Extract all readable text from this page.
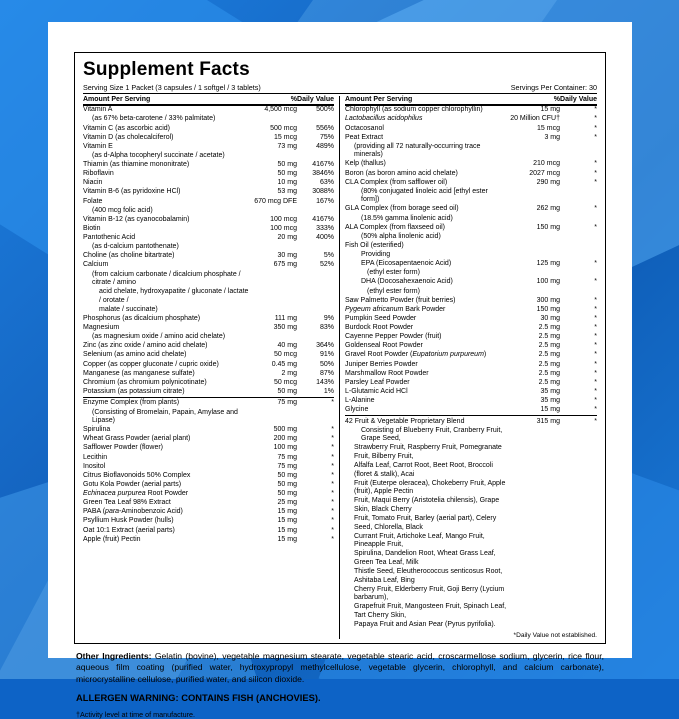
Supplement Facts
Serving Size 1 Packet (3 capsules / 1 softgel / 3 tablets)	Servings Per Container: 30
Amount Per Serving	%Daily Value
Vitamin A	4,500 mcg	500%
(as 67% beta-carotene / 33% palmitate)		
Vitamin C (as ascorbic acid)	500 mcg	556%
Vitamin D (as cholecalciferol)	15 mcg	75%
Vitamin E	73 mg	489%
(as d-Alpha tocopheryl succinate / acetate)		
Thiamin (as thiamine mononitrate)	50 mg	4167%
Riboflavin	50 mg	3846%
Niacin	10 mg	63%
Vitamin B-6 (as pyridoxine HCl)	53 mg	3088%
Folate	670 mcg DFE	167%
(400 mcg folic acid)		
Vitamin B-12 (as cyanocobalamin)	100 mcg	4167%
Biotin	100 mcg	333%
Pantothenic Acid	20 mg	400%
(as d-calcium pantothenate)		
Choline (as choline bitartrate)	30 mg	5%
Calcium	675 mg	52%
(from calcium carbonate / dicalcium phosphate / citrate / amino		
acid chelate, hydroxyapatite / gluconate / lactate / orotate /		
malate / succinate)		
Phosphorus (as dicalcium phosphate)	111 mg	9%
Magnesium	350 mg	83%
(as magnesium oxide / amino acid chelate)		
Zinc (as zinc oxide / amino acid chelate)	40 mg	364%
Selenium (as amino acid chelate)	50 mcg	91%
Copper (as copper gluconate / cupric oxide)	0.45 mg	50%
Manganese (as manganese sulfate)	2 mg	87%
Chromium (as chromium polynicotinate)	50 mcg	143%
Potassium (as potassium citrate)	50 mg	1%

Enzyme Complex (from plants)	75 mg	*
(Consisting of Bromelain, Papain, Amylase and Lipase)		
Spirulina	500 mg	*
Wheat Grass Powder (aerial plant)	200 mg	*
Safflower Powder (flower)	100 mg	*
Lecithin	75 mg	*
Inositol	75 mg	*
Citrus Bioflavonoids 50% Complex	50 mg	*
Gotu Kola Powder (aerial parts)	50 mg	*
Echinacea purpurea Root Powder	50 mg	*
Green Tea Leaf 98% Extract	25 mg	*
PABA (para-Aminobenzoic Acid)	15 mg	*
Psyllium Husk Powder (hulls)	15 mg	*
Oat 10:1 Extract (aerial parts)	15 mg	*
Apple (fruit) Pectin	15 mg	*
Amount Per Serving	%Daily Value
Chlorophyll (as sodium copper chlorophyllin)	15 mg	*
Lactobacillus acidophilus	20 Million CFU†	*
Octacosanol	15 mcg	*
Peat Extract	3 mg	*
(providing all 72 naturally-occurring trace minerals)		
Kelp (thallus)	210 mcg	*
Boron (as boron amino acid chelate)	2027 mcg	*
CLA Complex (from safflower oil)	290 mg	*
(80% conjugated linoleic acid [ethyl ester form])		
GLA Complex (from borage seed oil)	262 mg	*
(18.5% gamma linolenic acid)		
ALA Complex (from flaxseed oil)	150 mg	*
(50% alpha linolenic acid)		
Fish Oil (esterified)		
Providing		
EPA (Eicosapentaenoic Acid)	125 mg	*
(ethyl ester form)		
DHA (Docosahexaenoic Acid)	100 mg	*
(ethyl ester form)		
Saw Palmetto Powder (fruit berries)	300 mg	*
Pygeum africanum Bark Powder	150 mg	*
Pumpkin Seed Powder	30 mg	*
Burdock Root Powder	2.5 mg	*
Cayenne Pepper Powder (fruit)	2.5 mg	*
Goldenseal Root Powder	2.5 mg	*
Gravel Root Powder (Eupatorium purpureum)	2.5 mg	*
Juniper Berries Powder	2.5 mg	*
Marshmallow Root Powder	2.5 mg	*
Parsley Leaf Powder	2.5 mg	*
L-Glutamic Acid HCl	35 mg	*
L-Alanine	35 mg	*
Glycine	15 mg	*

42 Fruit & Vegetable Proprietary Blend	315 mg	*
Consisting of Blueberry Fruit, Cranberry Fruit, Grape Seed,		
Strawberry Fruit, Raspberry Fruit, Pomegranate Fruit, Bilberry Fruit,		
Alfalfa Leaf, Carrot Root, Beet Root, Broccoli (floret & stalk), Acai		
Fruit (Euterpe oleracea), Chokeberry Fruit, Apple (fruit), Apple Pectin		
Fruit, Maqui Berry (Aristotelia chilensis), Grape Skin, Black Cherry		
Fruit, Tomato Fruit, Barley (aerial part), Celery Seed, Chlorella, Black		
Currant Fruit, Artichoke Leaf, Mango Fruit, Pineapple Fruit,		
Spirulina, Dandelion Root, Wheat Grass Leaf, Green Tea Leaf, Milk		
Thistle Seed, Eleutherococcus senticosus Root, Ashitaba Leaf, Bing		
Cherry Fruit, Elderberry Fruit, Goji Berry (Lycium barbarum),		
Grapefruit Fruit, Mangosteen Fruit, Spinach Leaf, Tart Cherry Skin,		
Papaya Fruit and Asian Pear (Pyrus pyrifolia).		
*Daily Value not established.
Other Ingredients: Gelatin (bovine), vegetable magnesium stearate, vegetable stearic acid, croscarmellose sodium, glycerin, rice flour, aqueous film coating (purified water, hydroxypropyl methylcellulose, vegetable glycerin, chlorophyll, and calcium carbonate), microcrystalline cellulose, purified water, and silicon dioxide.
ALLERGEN WARNING: CONTAINS FISH (ANCHOVIES).
†Activity level at time of manufacture.
